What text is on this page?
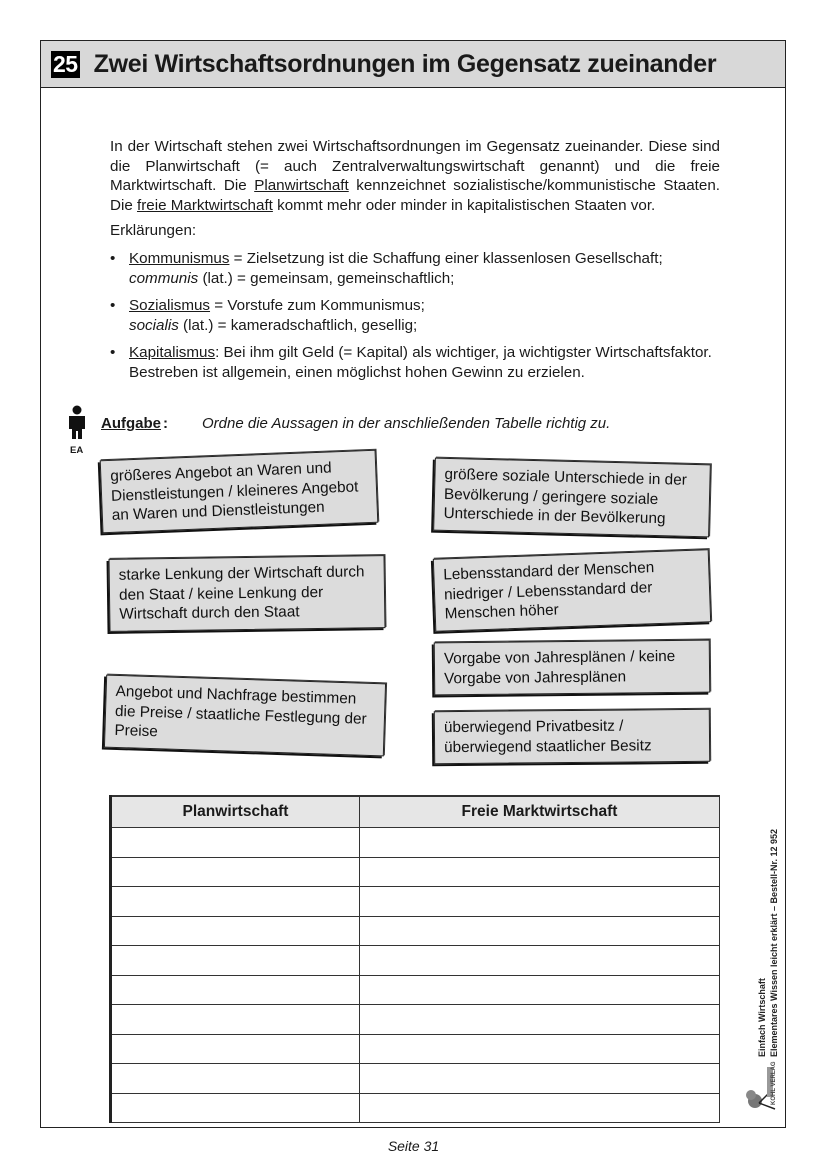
25 Zwei Wirtschaftsordnungen im Gegensatz zueinander

In der Wirtschaft stehen zwei Wirtschaftsordnungen im Gegensatz zueinander. Diese sind die Planwirtschaft (= auch Zentralverwaltungswirtschaft genannt) und die freie Marktwirtschaft. Die Planwirtschaft kennzeichnet sozialistische/kommunistische Staaten. Die freie Marktwirtschaft kommt mehr oder minder in kapitalistischen Staaten vor.

Erklärungen:

• Kommunismus = Zielsetzung ist die Schaffung einer klassenlosen Gesellschaft;
communis (lat.) = gemeinsam, gemeinschaftlich;
• Sozialismus = Vorstufe zum Kommunismus;
socialis (lat.) = kameradschaftlich, gesellig;
• Kapitalismus: Bei ihm gilt Geld (= Kapital) als wichtiger, ja wichtigster Wirtschaftsfaktor. Bestreben ist allgemein, einen möglichst hohen Gewinn zu erzielen.
EA
Aufgabe : Ordne die Aussagen in der anschließenden Tabelle richtig zu.
größeres Angebot an Waren und Dienstleistungen / kleineres Angebot an Waren und Dienstleistungen
größere soziale Unterschiede in der Bevölkerung / geringere soziale Unterschiede in der Bevölkerung
starke Lenkung der Wirtschaft durch den Staat / keine Lenkung der Wirtschaft durch den Staat
Lebensstandard der Menschen niedriger / Lebensstandard der Menschen höher
Vorgabe von Jahresplänen / keine Vorgabe von Jahresplänen
Angebot und Nachfrage bestimmen die Preise / staatliche Festlegung der Preise	überwiegend Privatbesitz / überwiegend staatlicher Besitz
Planwirtschaft	Freie Marktwirtschaft

Einfach Wirtschaft Elementares Wissen leicht erklärt – Bestell-Nr. 12 952
KOHL VERLAG
Seite 31
